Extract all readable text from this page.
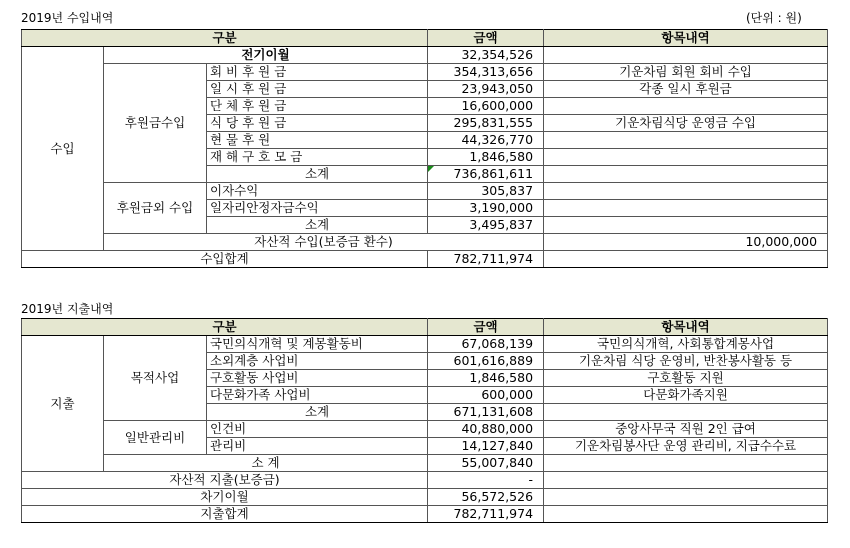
2019년 수입내역	(단위 : 원)
구분			금액	항목내역	
수입	전기이월		32,354,526		
	후원금수입	회 비 후 원 금	354,313,656	기운차림 회원 회비 수입	
		일 시 후 원 금	23,943,050	각종 일시 후원금	
		단 체 후 원 금	16,600,000		
		식 당 후 원 금	295,831,555	기운차림식당 운영금 수입	
		현 물 후 원	44,326,770		
		재 해 구 호 모 금	1,846,580		
		소계	736,861,611		
	후원금외 수입	이자수익	305,837		
		일자리안정자금수익	3,190,000		
		소계	3,495,837		
	자산적 수입(보증금 환수)			10,000,000	
수입합계			782,711,974		
2019년 지출내역
구분			금액	항목내역
지출	목적사업	국민의식개혁 및 계몽활동비	67,068,139	국민의식개혁, 사회통합계몽사업
		소외계층 사업비	601,616,889	기운차림 식당 운영비, 반찬봉사활동 등
		구호활동 사업비	1,846,580	구호활동 지원
		다문화가족 사업비	600,000	다문화가족지원
		소계	671,131,608	
	일반관리비	인건비	40,880,000	중앙사무국 직원 2인 급여
		관리비	14,127,840	기운차림봉사단 운영 관리비, 지급수수료
	소 계		55,007,840	
자산적 지출(보증금)			-	
차기이월			56,572,526	
지출합계			782,711,974	
